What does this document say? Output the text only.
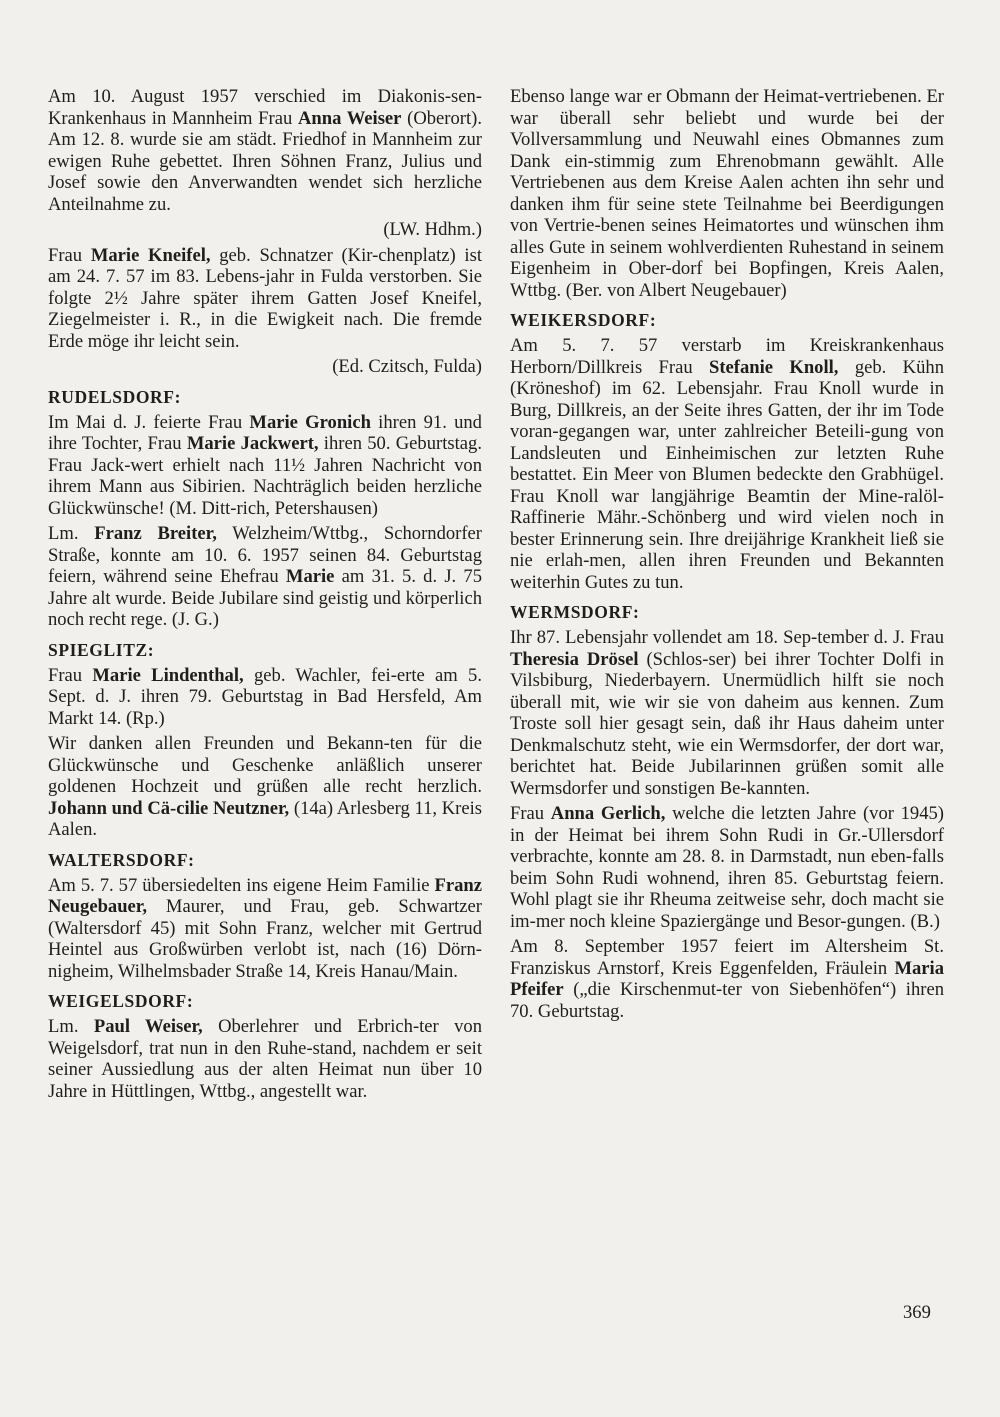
Am 10. August 1957 verschied im Diakonis-sen-Krankenhaus in Mannheim Frau Anna Weiser (Oberort). Am 12. 8. wurde sie am städt. Friedhof in Mannheim zur ewigen Ruhe gebettet. Ihren Söhnen Franz, Julius und Josef sowie den Anverwandten wendet sich herzliche Anteilnahme zu.

(LW. Hdhm.)

Frau Marie Kneifel, geb. Schnatzer (Kir-chenplatz) ist am 24. 7. 57 im 83. Lebens-jahr in Fulda verstorben. Sie folgte 2½ Jahre später ihrem Gatten Josef Kneifel, Ziegelmeister i. R., in die Ewigkeit nach. Die fremde Erde möge ihr leicht sein.

(Ed. Czitsch, Fulda)

RUDELSDORF:

Im Mai d. J. feierte Frau Marie Gronich ihren 91. und ihre Tochter, Frau Marie Jackwert, ihren 50. Geburtstag. Frau Jack-wert erhielt nach 11½ Jahren Nachricht von ihrem Mann aus Sibirien. Nachträglich beiden herzliche Glückwünsche! (M. Ditt-rich, Petershausen)

Lm. Franz Breiter, Welzheim/Wttbg., Schorndorfer Straße, konnte am 10. 6. 1957 seinen 84. Geburtstag feiern, während seine Ehefrau Marie am 31. 5. d. J. 75 Jahre alt wurde. Beide Jubilare sind geistig und körperlich noch recht rege. (J. G.)

SPIEGLITZ:

Frau Marie Lindenthal, geb. Wachler, fei-erte am 5. Sept. d. J. ihren 79. Geburtstag in Bad Hersfeld, Am Markt 14. (Rp.)

Wir danken allen Freunden und Bekann-ten für die Glückwünsche und Geschenke anläßlich unserer goldenen Hochzeit und grüßen alle recht herzlich. Johann und Cä-cilie Neutzner, (14a) Arlesberg 11, Kreis Aalen.

WALTERSDORF:

Am 5. 7. 57 übersiedelten ins eigene Heim Familie Franz Neugebauer, Maurer, und Frau, geb. Schwartzer (Waltersdorf 45) mit Sohn Franz, welcher mit Gertrud Heintel aus Großwürben verlobt ist, nach (16) Dörn-nigheim, Wilhelmsbader Straße 14, Kreis Hanau/Main.

WEIGELSDORF:

Lm. Paul Weiser, Oberlehrer und Erbrich-ter von Weigelsdorf, trat nun in den Ruhe-stand, nachdem er seit seiner Aussiedlung aus der alten Heimat nun über 10 Jahre in Hüttlingen, Wttbg., angestellt war.

Ebenso lange war er Obmann der Heimat-vertriebenen. Er war überall sehr beliebt und wurde bei der Vollversammlung und Neuwahl eines Obmannes zum Dank ein-stimmig zum Ehrenobmann gewählt. Alle Vertriebenen aus dem Kreise Aalen achten ihn sehr und danken ihm für seine stete Teilnahme bei Beerdigungen von Vertrie-benen seines Heimatortes und wünschen ihm alles Gute in seinem wohlverdienten Ruhestand in seinem Eigenheim in Ober-dorf bei Bopfingen, Kreis Aalen, Wttbg. (Ber. von Albert Neugebauer)

WEIKERSDORF:

Am 5. 7. 57 verstarb im Kreiskrankenhaus Herborn/Dillkreis Frau Stefanie Knoll, geb. Kühn (Kröneshof) im 62. Lebensjahr. Frau Knoll wurde in Burg, Dillkreis, an der Seite ihres Gatten, der ihr im Tode voran-gegangen war, unter zahlreicher Beteili-gung von Landsleuten und Einheimischen zur letzten Ruhe bestattet. Ein Meer von Blumen bedeckte den Grabhügel. Frau Knoll war langjährige Beamtin der Mine-ralöl-Raffinerie Mähr.-Schönberg und wird vielen noch in bester Erinnerung sein. Ihre dreijährige Krankheit ließ sie nie erlah-men, allen ihren Freunden und Bekannten weiterhin Gutes zu tun.

WERMSDORF:

Ihr 87. Lebensjahr vollendet am 18. Sep-tember d. J. Frau Theresia Drösel (Schlos-ser) bei ihrer Tochter Dolfi in Vilsbiburg, Niederbayern. Unermüdlich hilft sie noch überall mit, wie wir sie von daheim aus kennen. Zum Troste soll hier gesagt sein, daß ihr Haus daheim unter Denkmalschutz steht, wie ein Wermsdorfer, der dort war, berichtet hat. Beide Jubilarinnen grüßen somit alle Wermsdorfer und sonstigen Be-kannten.

Frau Anna Gerlich, welche die letzten Jahre (vor 1945) in der Heimat bei ihrem Sohn Rudi in Gr.-Ullersdorf verbrachte, konnte am 28. 8. in Darmstadt, nun eben-falls beim Sohn Rudi wohnend, ihren 85. Geburtstag feiern. Wohl plagt sie ihr Rheuma zeitweise sehr, doch macht sie im-mer noch kleine Spaziergänge und Besor-gungen. (B.)

Am 8. September 1957 feiert im Altersheim St. Franziskus Arnstorf, Kreis Eggenfelden, Fräulein Maria Pfeifer („die Kirschenmut-ter von Siebenhöfen“) ihren 70. Geburtstag.

369
